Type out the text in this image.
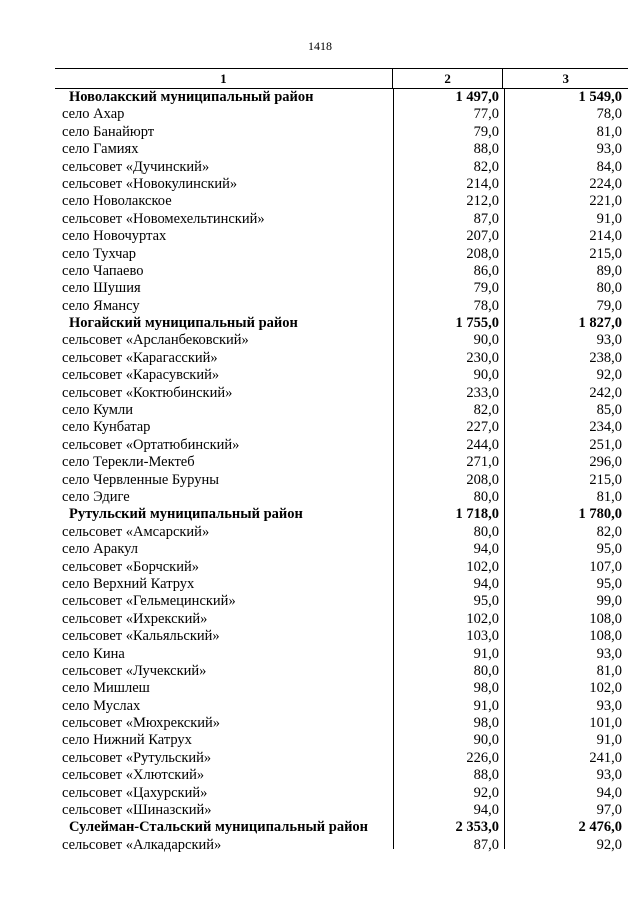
1418
1	2	3
Новолакский муниципальный район	1 497,0	1 549,0
село Ахар	77,0	78,0
село Банайюрт	79,0	81,0
село Гамиях	88,0	93,0
сельсовет «Дучинский»	82,0	84,0
сельсовет «Новокулинский»	214,0	224,0
село Новолакское	212,0	221,0
сельсовет «Новомехельтинский»	87,0	91,0
село Новочуртах	207,0	214,0
село Тухчар	208,0	215,0
село Чапаево	86,0	89,0
село Шушия	79,0	80,0
село Ямансу	78,0	79,0
Ногайский муниципальный район	1 755,0	1 827,0
сельсовет «Арсланбековский»	90,0	93,0
сельсовет «Карагасский»	230,0	238,0
сельсовет «Карасувский»	90,0	92,0
сельсовет «Коктюбинский»	233,0	242,0
село Кумли	82,0	85,0
село Кунбатар	227,0	234,0
сельсовет «Ортатюбинский»	244,0	251,0
село Терекли-Мектеб	271,0	296,0
село Червленные Буруны	208,0	215,0
село Эдиге	80,0	81,0
Рутульский муниципальный район	1 718,0	1 780,0
сельсовет «Амсарский»	80,0	82,0
село Аракул	94,0	95,0
сельсовет «Борчский»	102,0	107,0
село Верхний Катрух	94,0	95,0
сельсовет «Гельмецинский»	95,0	99,0
сельсовет «Ихрекский»	102,0	108,0
сельсовет «Кальяльский»	103,0	108,0
село Кина	91,0	93,0
сельсовет «Лучекский»	80,0	81,0
село Мишлеш	98,0	102,0
село Муслах	91,0	93,0
сельсовет «Мюхрекский»	98,0	101,0
село Нижний Катрух	90,0	91,0
сельсовет «Рутульский»	226,0	241,0
сельсовет «Хлютский»	88,0	93,0
сельсовет «Цахурский»	92,0	94,0
сельсовет «Шиназский»	94,0	97,0
Сулейман-Стальский муниципальный район	2 353,0	2 476,0
сельсовет «Алкадарский»	87,0	92,0
